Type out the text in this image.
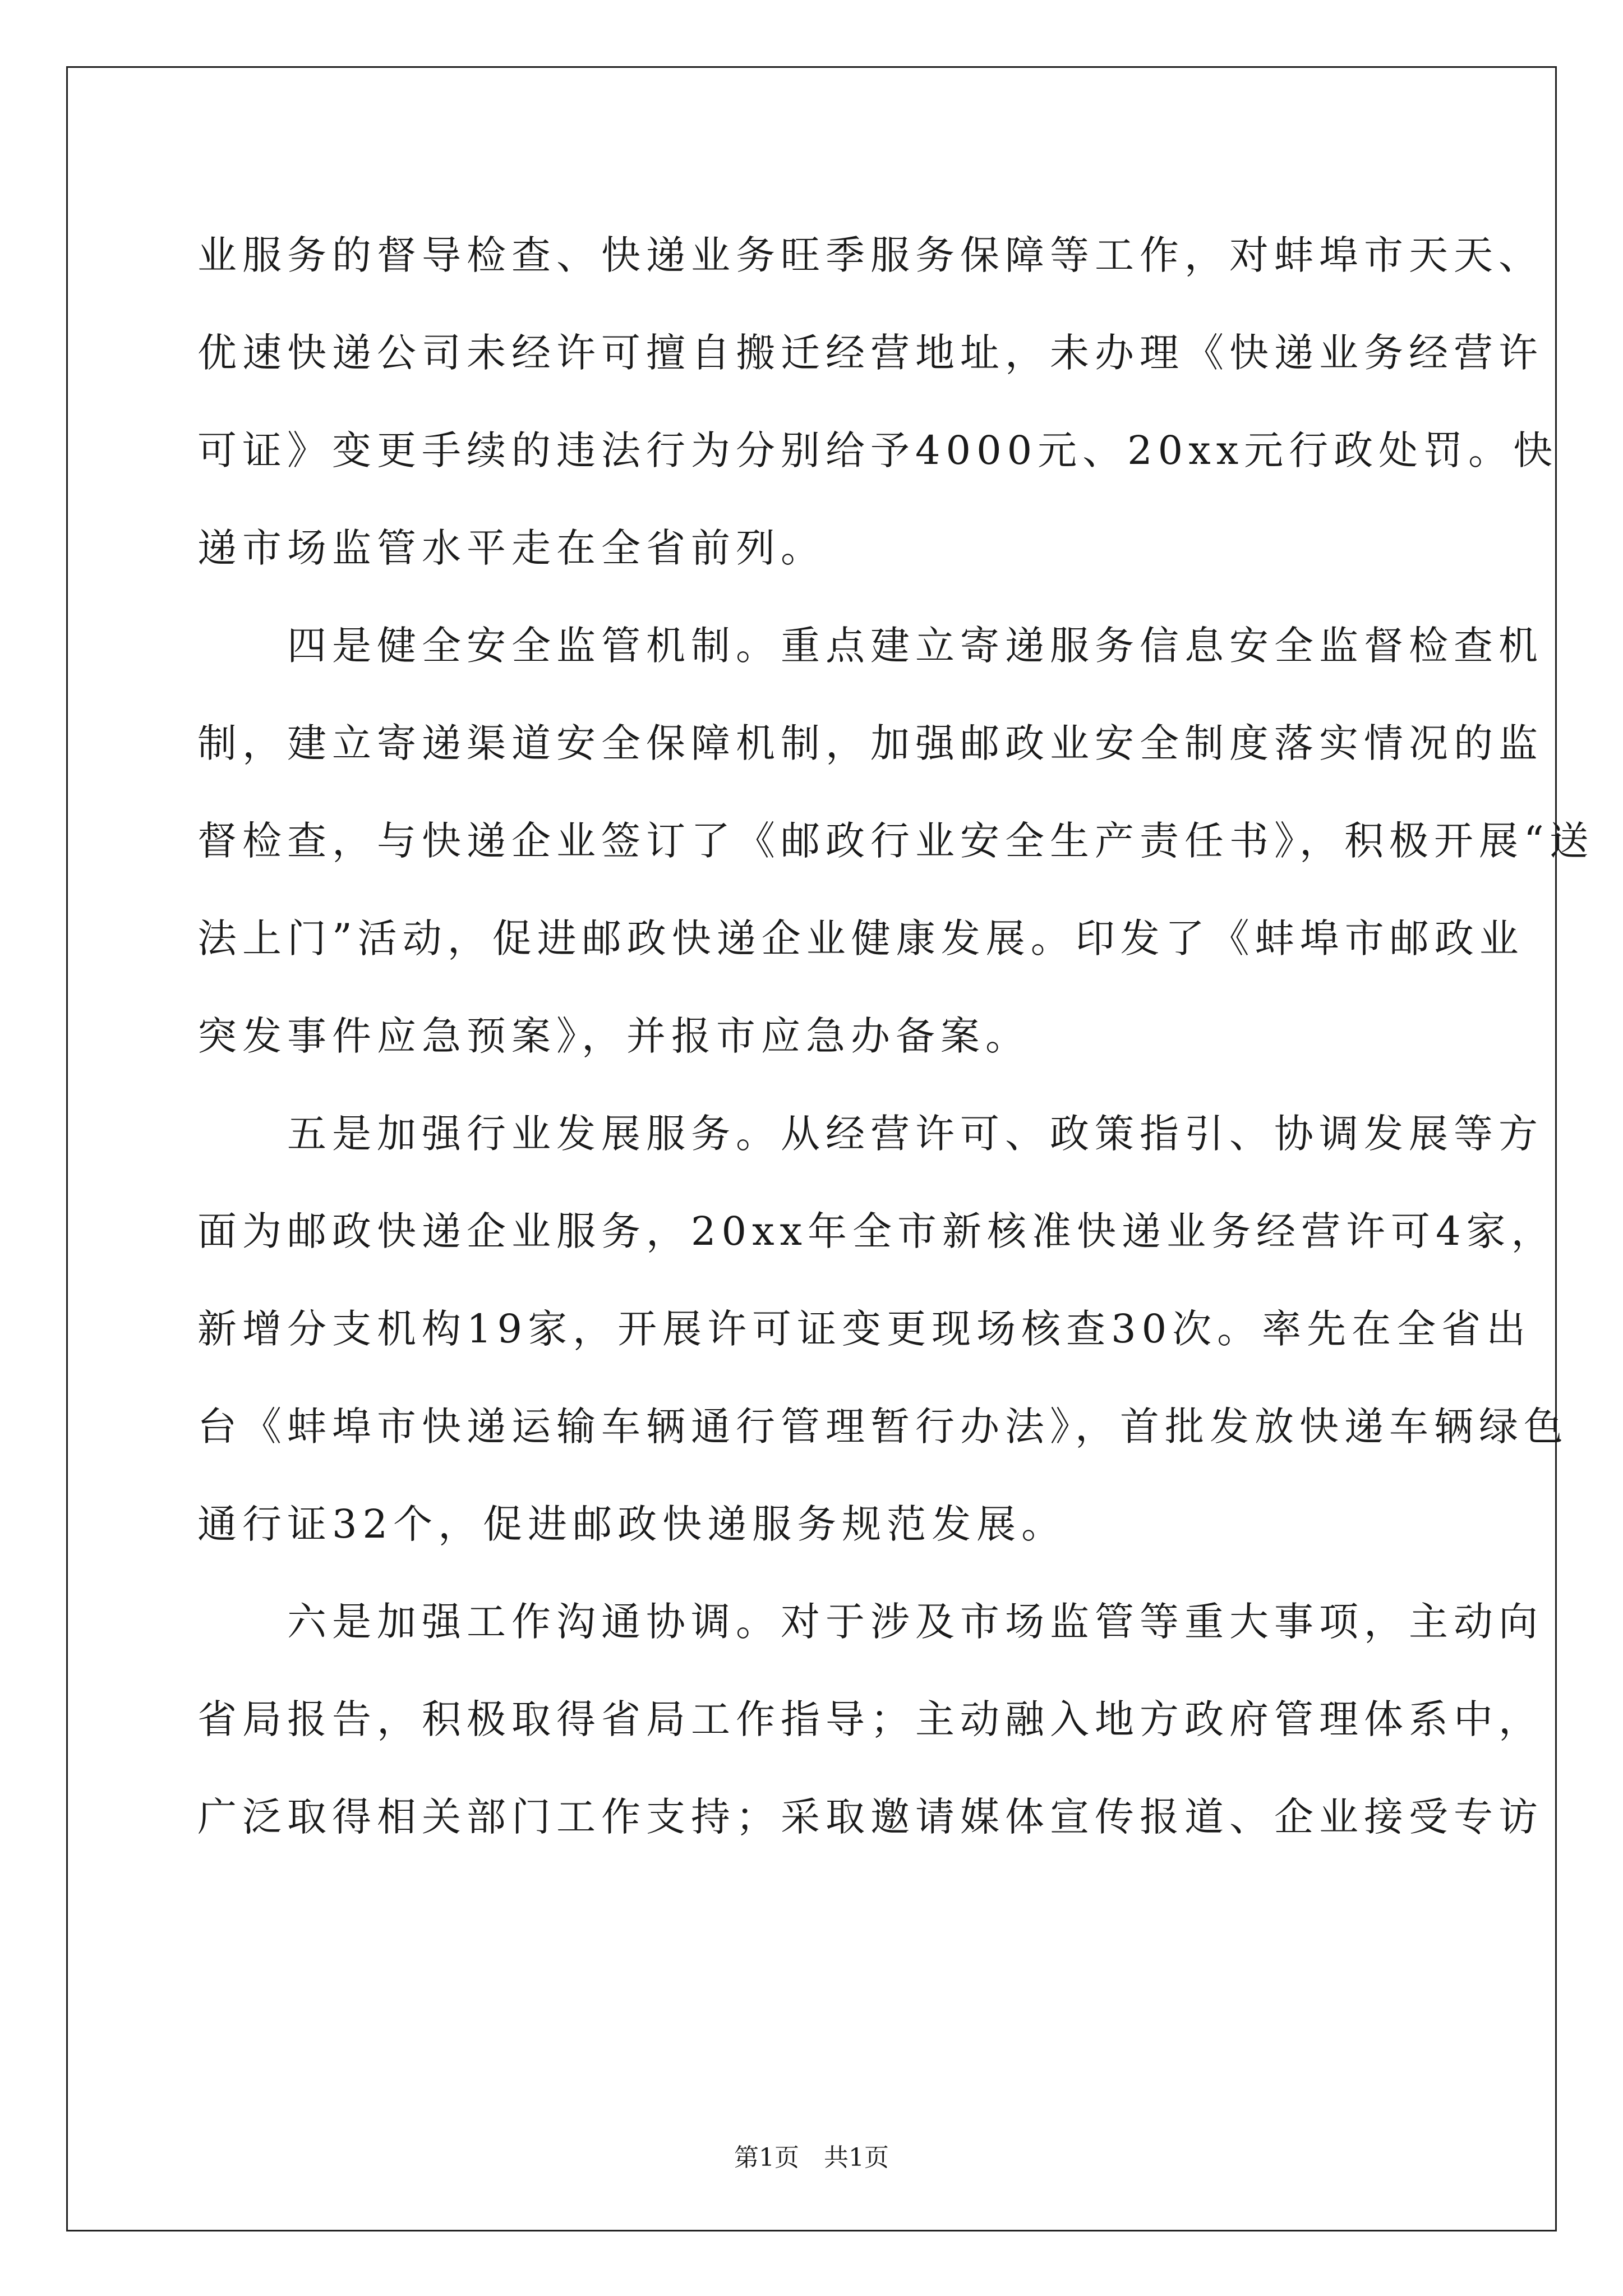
业服务的督导检查、快递业务旺季服务保障等工作，对蚌埠市天天、
优速快递公司未经许可擅自搬迁经营地址，未办理《快递业务经营许
可证》变更手续的违法行为分别给予4000元、20xx元行政处罚。快
递市场监管水平走在全省前列。
　　四是健全安全监管机制。重点建立寄递服务信息安全监督检查机
制，建立寄递渠道安全保障机制，加强邮政业安全制度落实情况的监
督检查，与快递企业签订了《邮政行业安全生产责任书》，积极开展“送
法上门”活动，促进邮政快递企业健康发展。印发了《蚌埠市邮政业
突发事件应急预案》，并报市应急办备案。
　　五是加强行业发展服务。从经营许可、政策指引、协调发展等方
面为邮政快递企业服务，20xx年全市新核准快递业务经营许可4家，
新增分支机构19家，开展许可证变更现场核查30次。率先在全省出
台《蚌埠市快递运输车辆通行管理暂行办法》，首批发放快递车辆绿色
通行证32个，促进邮政快递服务规范发展。
　　六是加强工作沟通协调。对于涉及市场监管等重大事项，主动向
省局报告，积极取得省局工作指导；主动融入地方政府管理体系中，
广泛取得相关部门工作支持；采取邀请媒体宣传报道、企业接受专访
第1页　共1页
